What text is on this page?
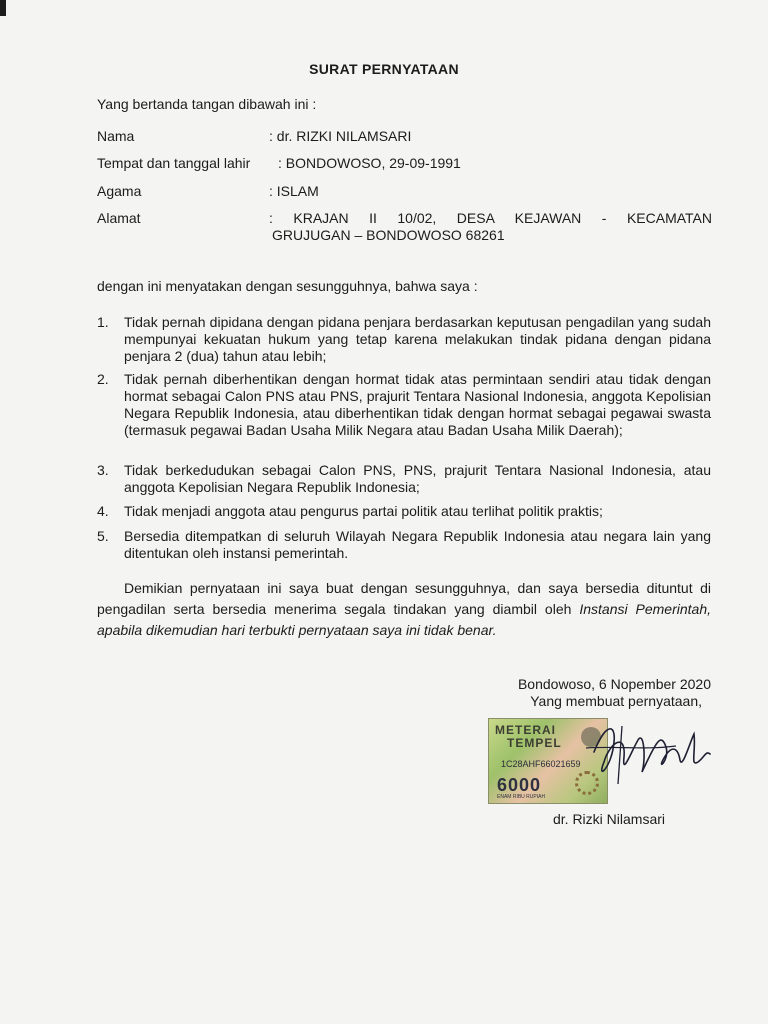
SURAT PERNYATAAN
Yang bertanda tangan dibawah ini :
Nama	: dr. RIZKI NILAMSARI
Tempat dan tanggal lahir : BONDOWOSO, 29-09-1991
Agama	: ISLAM
Alamat	: KRAJAN II 10/02, DESA KEJAWAN - KECAMATAN
GRUJUGAN – BONDOWOSO 68261
dengan ini menyatakan dengan sesungguhnya, bahwa saya :
1.	Tidak pernah dipidana dengan pidana penjara berdasarkan keputusan pengadilan yang sudah mempunyai kekuatan hukum yang tetap karena melakukan tindak pidana dengan pidana penjara 2 (dua) tahun atau lebih;
2.	Tidak pernah diberhentikan dengan hormat tidak atas permintaan sendiri atau tidak dengan hormat sebagai Calon PNS atau PNS, prajurit Tentara Nasional Indonesia, anggota Kepolisian Negara Republik Indonesia, atau diberhentikan tidak dengan hormat sebagai pegawai swasta (termasuk pegawai Badan Usaha Milik Negara atau Badan Usaha Milik Daerah);
3.	Tidak berkedudukan sebagai Calon PNS, PNS, prajurit Tentara Nasional Indonesia, atau anggota Kepolisian Negara Republik Indonesia;
4.	Tidak menjadi anggota atau pengurus partai politik atau terlihat politik praktis;
5.	Bersedia ditempatkan di seluruh Wilayah Negara Republik Indonesia atau negara lain yang ditentukan oleh instansi pemerintah.
Demikian pernyataan ini saya buat dengan sesungguhnya, dan saya bersedia dituntut di pengadilan serta bersedia menerima segala tindakan yang diambil oleh Instansi Pemerintah, apabila dikemudian hari terbukti pernyataan saya ini tidak benar.
Bondowoso, 6 Nopember 2020
Yang membuat pernyataan,
METERAI
TEMPEL
1C28AHF66021659
6000
ENAM RIBU RUPIAH
dr. Rizki Nilamsari
